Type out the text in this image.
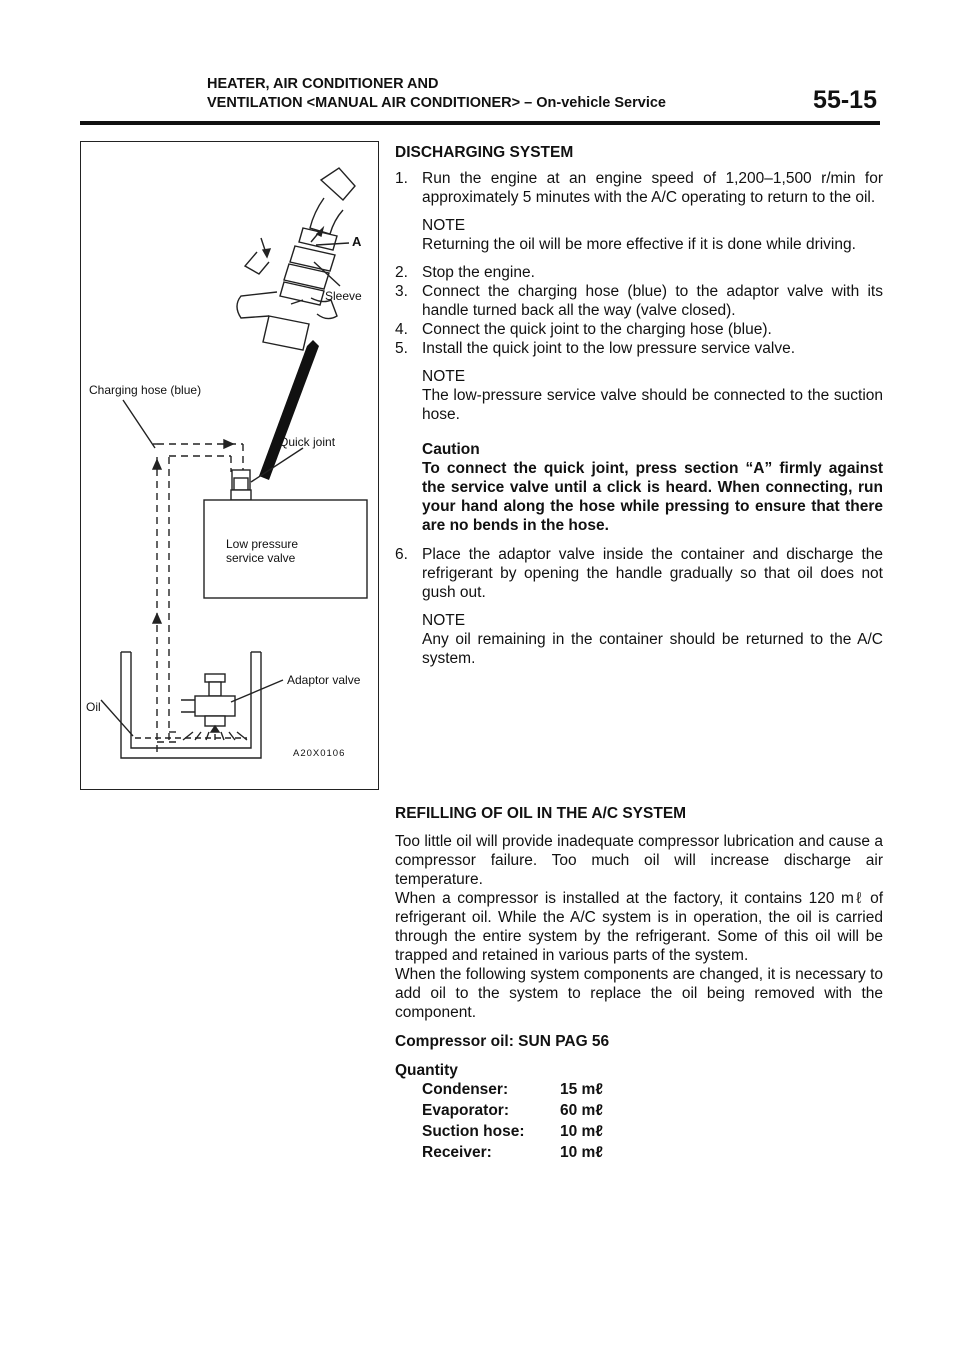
HEATER, AIR CONDITIONER AND
VENTILATION <MANUAL AIR CONDITIONER> – On-vehicle Service	55-15
A
Sleeve
Charging hose (blue)
Quick joint
Low pressure
service valve
Adaptor valve
Oil
A20X0106

DISCHARGING SYSTEM

1. Run the engine at an engine speed of 1,200–1,500 r/min for approximately 5 minutes with the A/C operating to return to the oil.

NOTE

Returning the oil will be more effective if it is done while driving.

2. Stop the engine.

3. Connect the charging hose (blue) to the adaptor valve with its handle turned back all the way (valve closed).

4. Connect the quick joint to the charging hose (blue).

5. Install the quick joint to the low pressure service valve.

NOTE

The low-pressure service valve should be connected to the suction hose.

Caution

To connect the quick joint, press section “A” firmly against the service valve until a click is heard. When connecting, run your hand along the hose while pressing to ensure that there are no bends in the hose.

6. Place the adaptor valve inside the container and discharge the refrigerant by opening the handle gradually so that oil does not gush out.

NOTE

Any oil remaining in the container should be returned to the A/C system.

REFILLING OF OIL IN THE A/C SYSTEM

Too little oil will provide inadequate compressor lubrication and cause a compressor failure. Too much oil will increase discharge air temperature.

When a compressor is installed at the factory, it contains 120 mℓ of refrigerant oil. While the A/C system is in operation, the oil is carried through the entire system by the refrigerant. Some of this oil will be trapped and retained in various parts of the system.

When the following system components are changed, it is necessary to add oil to the system to replace the oil being removed with the component.

Compressor oil: SUN PAG 56

Quantity

Condenser:	15 mℓ
Evaporator:	60 mℓ
Suction hose: 10 mℓ
Receiver:	10 mℓ
